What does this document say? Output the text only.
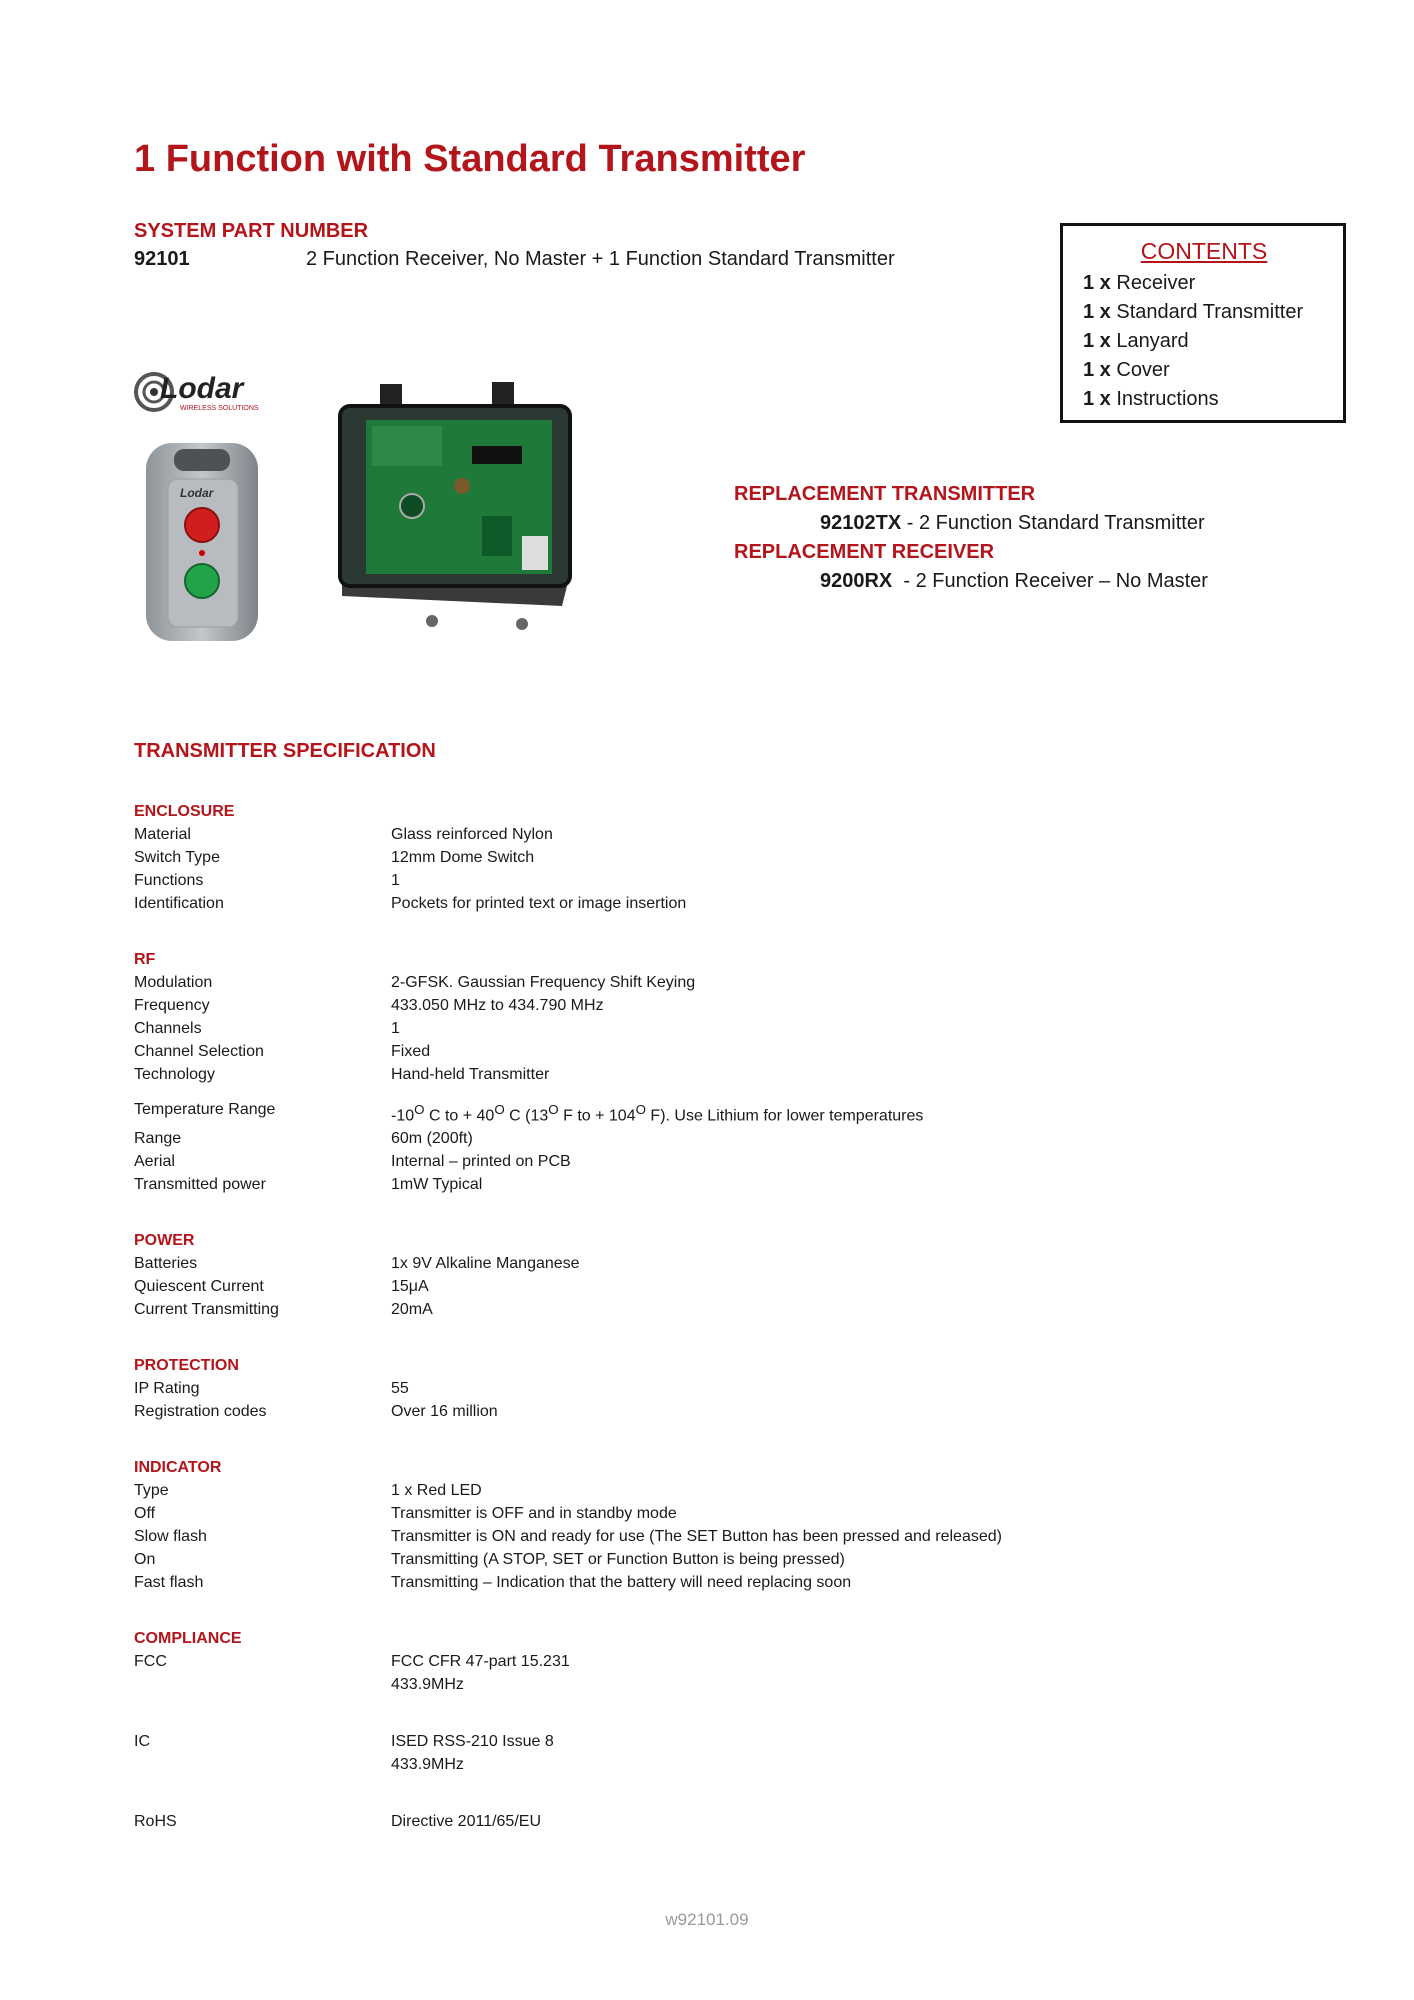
1 Function with Standard Transmitter
SYSTEM PART NUMBER
92101	2 Function Receiver, No Master + 1 Function Standard Transmitter	CONTENTS
1 x Receiver
1 x Standard Transmitter
1 x Lanyard
1 x Cover
1 x Instructions
Lodar
WIRELESS SOLUTIONS
Lodar	REPLACEMENT TRANSMITTER
92102TX - 2 Function Standard Transmitter
REPLACEMENT RECEIVER
9200RX  - 2 Function Receiver – No Master
TRANSMITTER SPECIFICATION
ENCLOSURE
Material	Glass reinforced Nylon
Switch Type	12mm Dome Switch
Functions	1
Identification	Pockets for printed text or image insertion
RF
Modulation	2-GFSK. Gaussian Frequency Shift Keying
Frequency	433.050 MHz to 434.790 MHz
Channels	1
Channel Selection	Fixed
Technology	Hand-held Transmitter
Temperature Range	$-10^O$ C to + $40^O$ C ($13^O$ F to + $104^O$ F). Use Lithium for lower temperatures
Range	60m (200ft)
Aerial	Internal – printed on PCB
Transmitted power	1mW Typical
POWER
Batteries	1x 9V Alkaline Manganese
Quiescent Current	15μA
Current Transmitting	20mA
PROTECTION
IP Rating	55
Registration codes	Over 16 million
INDICATOR
Type	1 x Red LED
Off	Transmitter is OFF and in standby mode
Slow flash	Transmitter is ON and ready for use (The SET Button has been pressed and released)
On	Transmitting (A STOP, SET or Function Button is being pressed)
Fast flash	Transmitting – Indication that the battery will need replacing soon
COMPLIANCE
FCC	FCC CFR 47-part 15.231
433.9MHz
IC	ISED RSS-210 Issue 8
433.9MHz
RoHS	Directive 2011/65/EU
w92101.09
